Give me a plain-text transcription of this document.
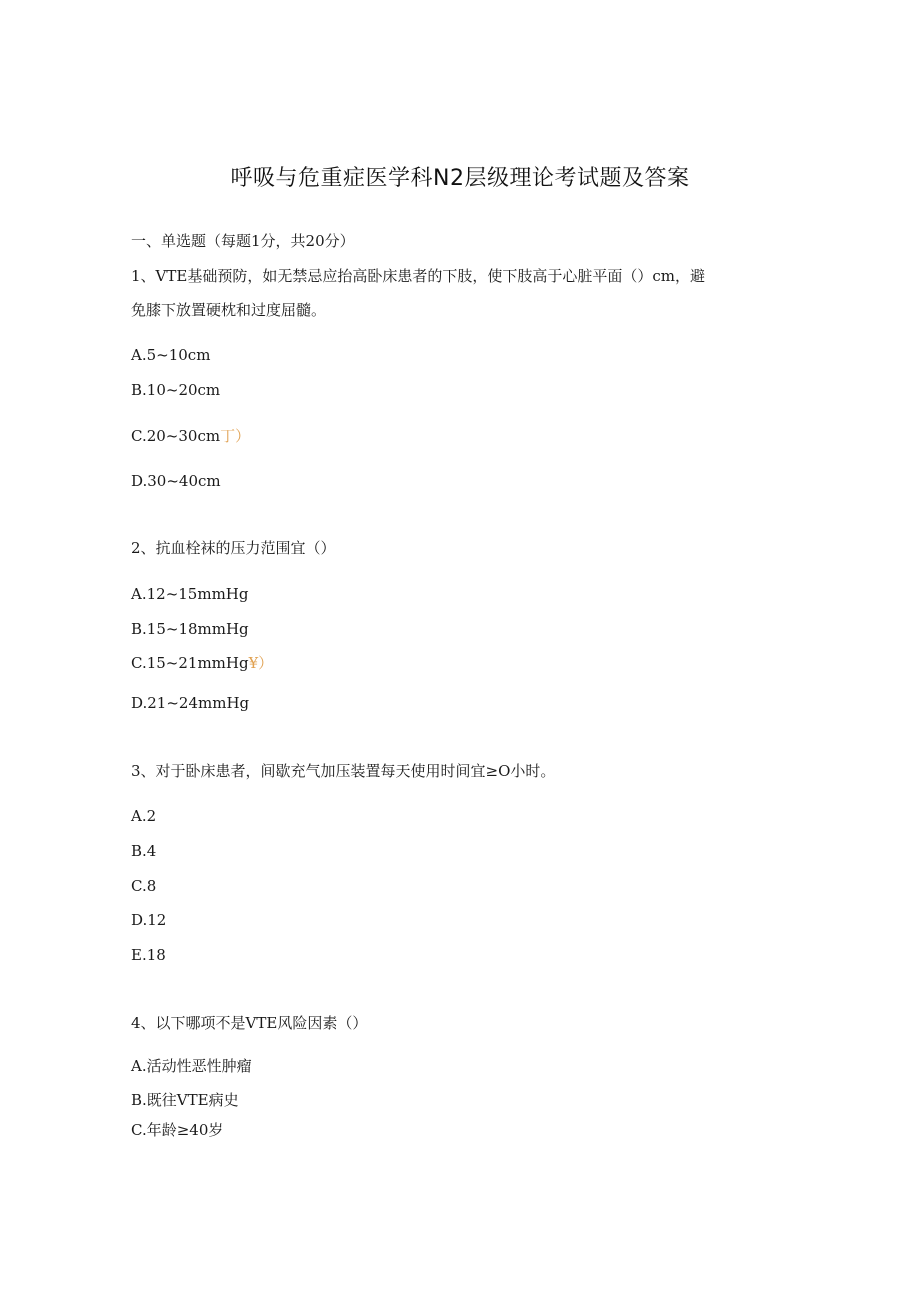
呼吸与危重症医学科N2层级理论考试题及答案
一、单选题（每题1分，共20分）
1、VTE基础预防，如无禁忌应抬高卧床患者的下肢，使下肢高于心脏平面（）cm，避
免膝下放置硬枕和过度屈髓。
A.5~10cm
B.10~20cm
C.20~30cm丁）
D.30~40cm
2、抗血栓袜的压力范围宜（）
A.12~15mmHg
B.15~18mmHg
C.15~21mmHg¥）
D.21~24mmHg
3、对于卧床患者，间歇充气加压装置每天使用时间宜≥O小时。
A.2
B.4
C.8
D.12
E.18
4、以下哪项不是VTE风险因素（）
A.活动性恶性肿瘤
B.既往VTE病史
C.年龄≥40岁
